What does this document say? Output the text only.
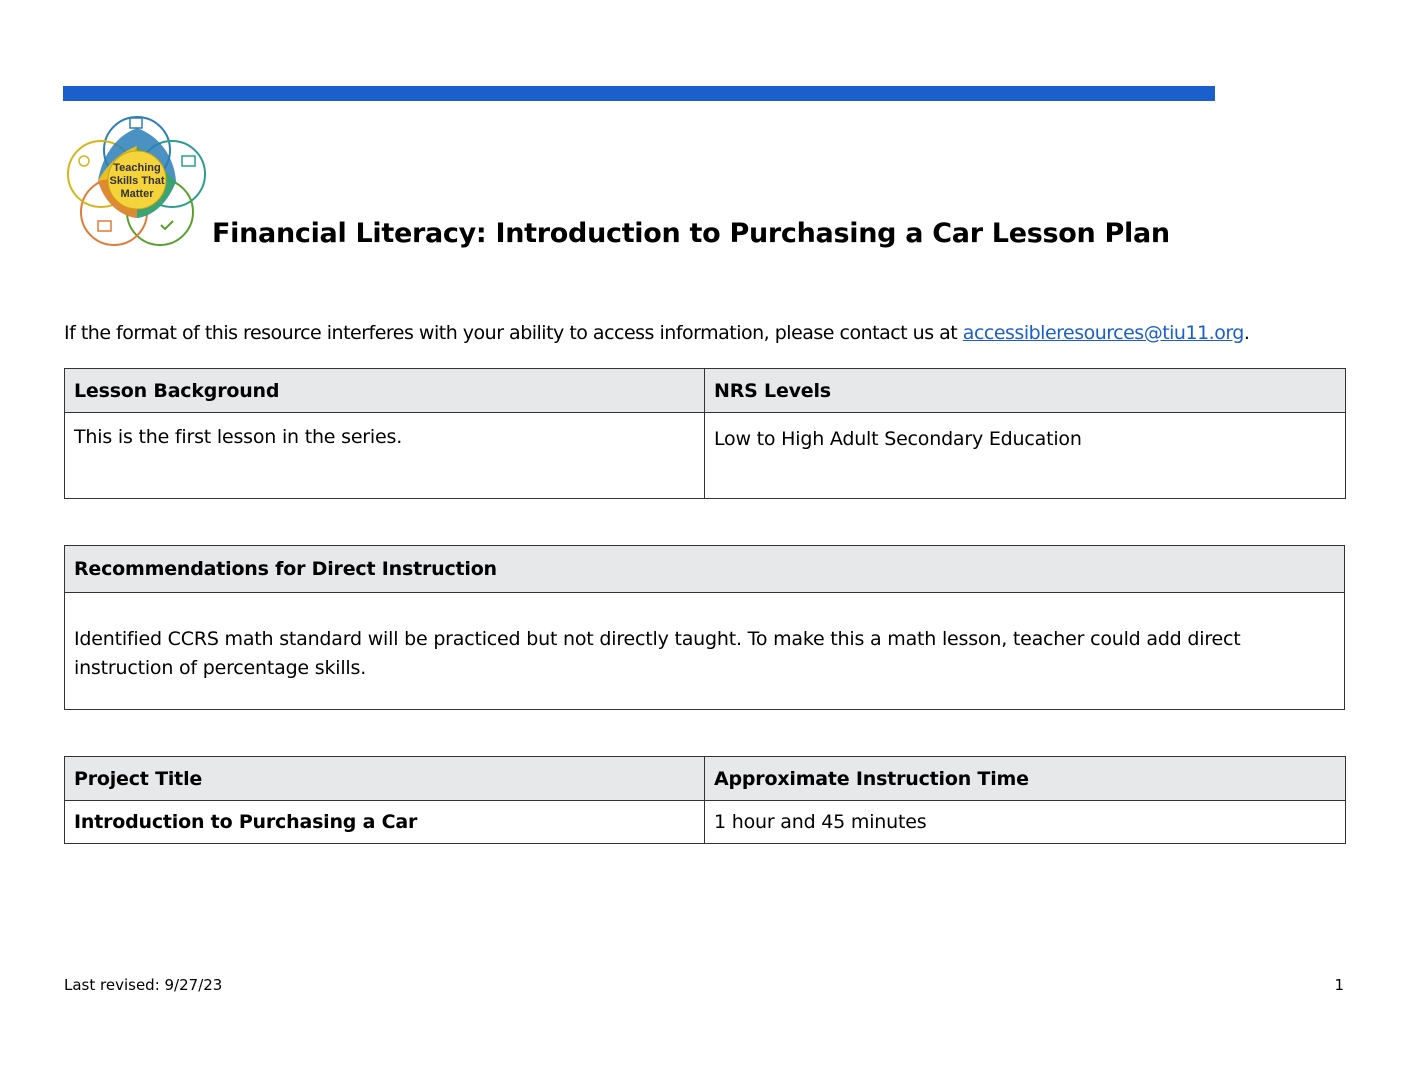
Teaching
Skills That
Matter
Financial Literacy: Introduction to Purchasing a Car Lesson Plan
If the format of this resource interferes with your ability to access information, please contact us at accessibleresources@tiu11.org.
Lesson Background	NRS Levels
This is the first lesson in the series.	Low to High Adult Secondary Education
Recommendations for Direct Instruction
Identified CCRS math standard will be practiced but not directly taught. To make this a math lesson, teacher could add direct instruction of percentage skills.
Project Title	Approximate Instruction Time
Introduction to Purchasing a Car	1 hour and 45 minutes
Last revised: 9/27/23	1
